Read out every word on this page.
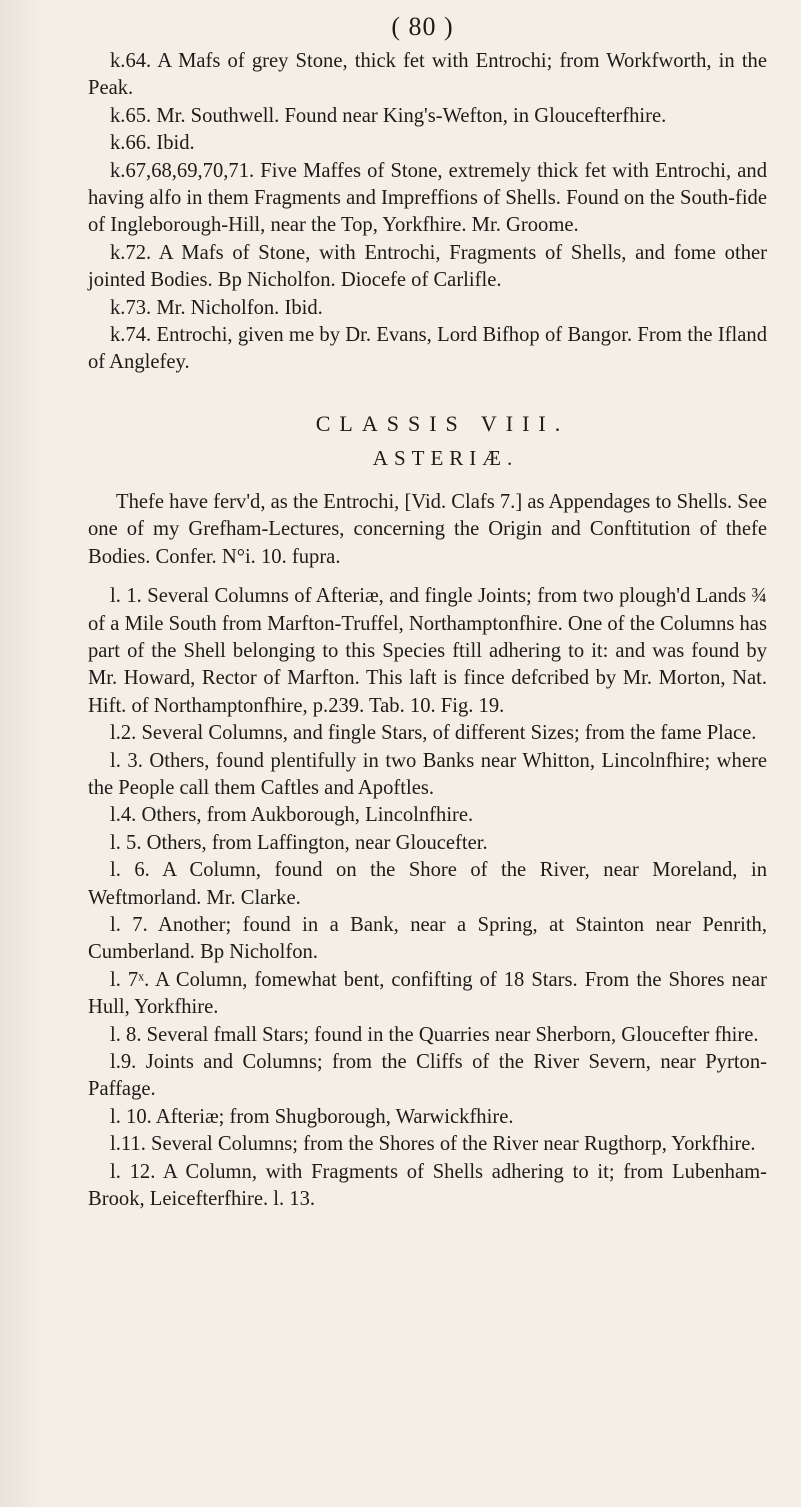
( 80 )

k.64. A Mafs of grey Stone, thick fet with Entrochi; from Workfworth, in the Peak.

k.65. Mr. Southwell. Found near King's-Wefton, in Gloucefterfhire.

k.66. Ibid.

k.67,68,69,70,71. Five Maffes of Stone, extremely thick fet with Entrochi, and having alfo in them Fragments and Impreffions of Shells. Found on the South-fide of Ingleborough-Hill, near the Top, Yorkfhire. Mr. Groome.

k.72. A Mafs of Stone, with Entrochi, Fragments of Shells, and fome other jointed Bodies. Bp Nicholfon. Diocefe of Carlifle.

k.73. Mr. Nicholfon. Ibid.

k.74. Entrochi, given me by Dr. Evans, Lord Bifhop of Bangor. From the Ifland of Anglefey.

CLASSIS VIII.
ASTERIÆ.

Thefe have ferv'd, as the Entrochi, [Vid. Clafs 7.] as Appendages to Shells. See one of my Grefham-Lectures, concerning the Origin and Conftitution of thefe Bodies. Confer. N°i. 10. fupra.

l. 1. Several Columns of Afteriæ, and fingle Joints; from two plough'd Lands ¾ of a Mile South from Marfton-Truffel, Northamptonfhire. One of the Columns has part of the Shell belonging to this Species ftill adhering to it: and was found by Mr. Howard, Rector of Marfton. This laft is fince defcribed by Mr. Morton, Nat. Hift. of Northamptonfhire, p.239. Tab. 10. Fig. 19.

l.2. Several Columns, and fingle Stars, of different Sizes; from the fame Place.

l. 3. Others, found plentifully in two Banks near Whitton, Lincolnfhire; where the People call them Caftles and Apoftles.

l.4. Others, from Aukborough, Lincolnfhire.

l. 5. Others, from Laffington, near Gloucefter.

l. 6. A Column, found on the Shore of the River, near Moreland, in Weftmorland. Mr. Clarke.

l. 7. Another; found in a Bank, near a Spring, at Stainton near Penrith, Cumberland. Bp Nicholfon.

l. 7ˣ. A Column, fomewhat bent, confifting of 18 Stars. From the Shores near Hull, Yorkfhire.

l. 8. Several fmall Stars; found in the Quarries near Sherborn, Gloucefter fhire.

l.9. Joints and Columns; from the Cliffs of the River Severn, near Pyrton-Paffage.

l. 10. Afteriæ; from Shugborough, Warwickfhire.

l.11. Several Columns; from the Shores of the River near Rugthorp, Yorkfhire.

l. 12. A Column, with Fragments of Shells adhering to it; from Lubenham-Brook, Leicefterfhire. l. 13.
